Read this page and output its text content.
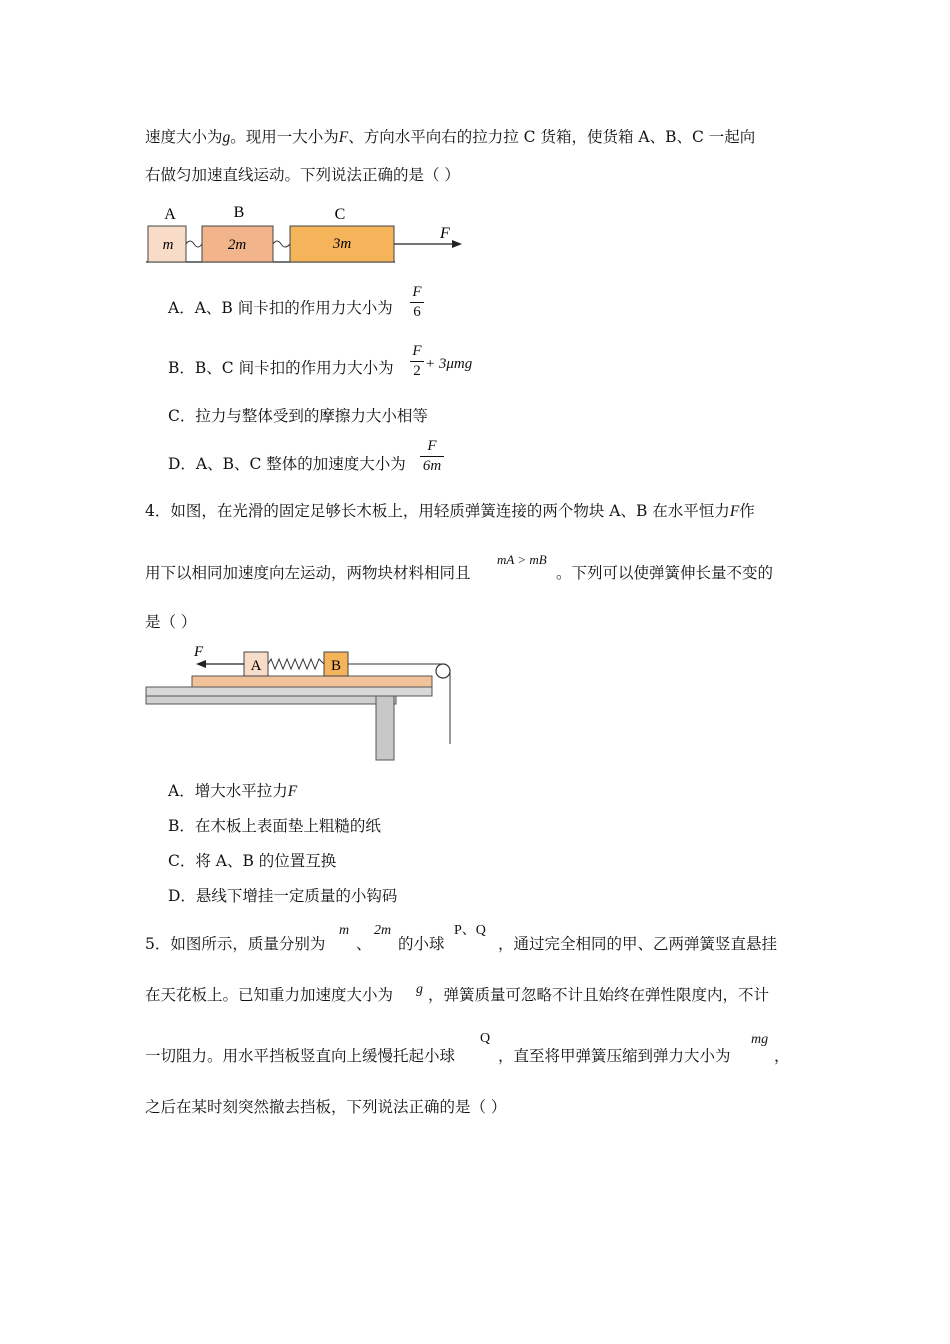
速度大小为g。现用一大小为F、方向水平向右的拉力拉 C 货箱，使货箱 A、B、C 一起向
右做匀加速直线运动。下列说法正确的是（ ）
A	B	C
m	2m	3m
F
A．A、B 间卡扣的作用力大小为
F
6
B．B、C 间卡扣的作用力大小为
F
2 + 3μmg
C．拉力与整体受到的摩擦力大小相等
D．A、B、C 整体的加速度大小为
F
6m
4．如图，在光滑的固定足够长木板上，用轻质弹簧连接的两个物块 A、B 在水平恒力F作
用下以相同加速度向左运动，两物块材料相同且
mA > mB
。下列可以使弹簧伸长量不变的
是（ ）
A	B
F
A．增大水平拉力F
B．在木板上表面垫上粗糙的纸
C．将 A、B 的位置互换
D．悬线下增挂一定质量的小钩码
5．如图所示，质量分别为
m
、
2m
的小球
P、Q
，通过完全相同的甲、乙两弹簧竖直悬挂
在天花板上。已知重力加速度大小为 g ，弹簧质量可忽略不计且始终在弹性限度内，不计
一切阻力。用水平挡板竖直向上缓慢托起小球
Q
，直至将甲弹簧压缩到弹力大小为
mg
，
之后在某时刻突然撤去挡板，下列说法正确的是（ ）
